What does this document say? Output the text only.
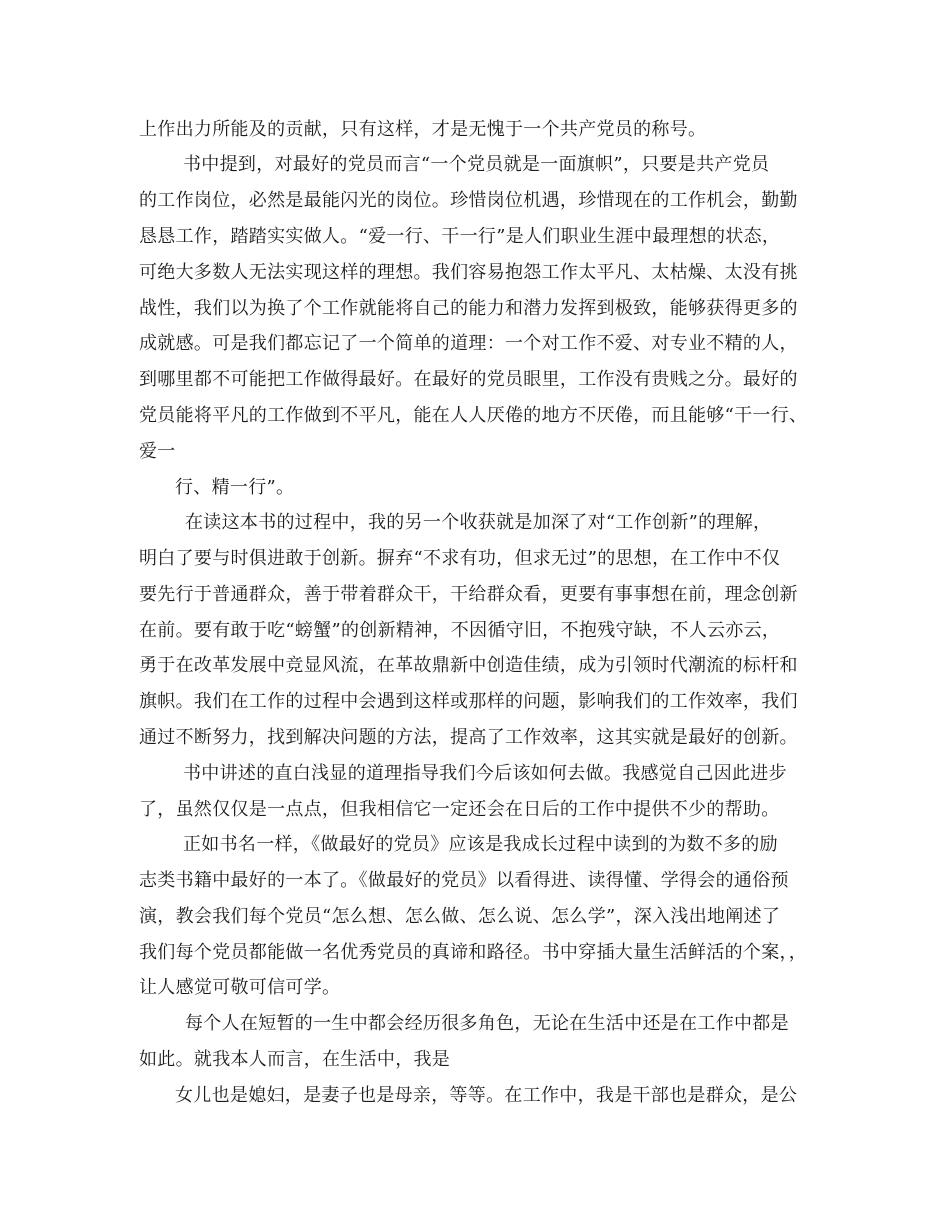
上作出力所能及的贡献，只有这样，才是无愧于一个共产党员的称号。
书中提到，对最好的党员而言“一个党员就是一面旗帜”，只要是共产党员
的工作岗位，必然是最能闪光的岗位。珍惜岗位机遇，珍惜现在的工作机会，勤勤
恳恳工作，踏踏实实做人。“爱一行、干一行”是人们职业生涯中最理想的状态，
可绝大多数人无法实现这样的理想。我们容易抱怨工作太平凡、太枯燥、太没有挑
战性，我们以为换了个工作就能将自己的能力和潜力发挥到极致，能够获得更多的
成就感。可是我们都忘记了一个简单的道理：一个对工作不爱、对专业不精的人，
到哪里都不可能把工作做得最好。在最好的党员眼里，工作没有贵贱之分。最好的
党员能将平凡的工作做到不平凡，能在人人厌倦的地方不厌倦，而且能够“干一行、
爱一
行、精一行”。
在读这本书的过程中，我的另一个收获就是加深了对“工作创新”的理解，
明白了要与时俱进敢于创新。摒弃“不求有功，但求无过”的思想，在工作中不仅
要先行于普通群众，善于带着群众干，干给群众看，更要有事事想在前，理念创新
在前。要有敢于吃“螃蟹”的创新精神，不因循守旧，不抱残守缺，不人云亦云，
勇于在改革发展中竞显风流，在革故鼎新中创造佳绩，成为引领时代潮流的标杆和
旗帜。我们在工作的过程中会遇到这样或那样的问题，影响我们的工作效率，我们
通过不断努力，找到解决问题的方法，提高了工作效率，这其实就是最好的创新。
书中讲述的直白浅显的道理指导我们今后该如何去做。我感觉自己因此进步
了，虽然仅仅是一点点，但我相信它一定还会在日后的工作中提供不少的帮助。
正如书名一样，《做最好的党员》应该是我成长过程中读到的为数不多的励
志类书籍中最好的一本了。《做最好的党员》以看得进、读得懂、学得会的通俗预
演，教会我们每个党员“怎么想、怎么做、怎么说、怎么学”，深入浅出地阐述了
我们每个党员都能做一名优秀党员的真谛和路径。书中穿插大量生活鲜活的个案，，
让人感觉可敬可信可学。
每个人在短暂的一生中都会经历很多角色，无论在生活中还是在工作中都是
如此。就我本人而言，在生活中，我是
女儿也是媳妇，是妻子也是母亲，等等。在工作中，我是干部也是群众，是公
